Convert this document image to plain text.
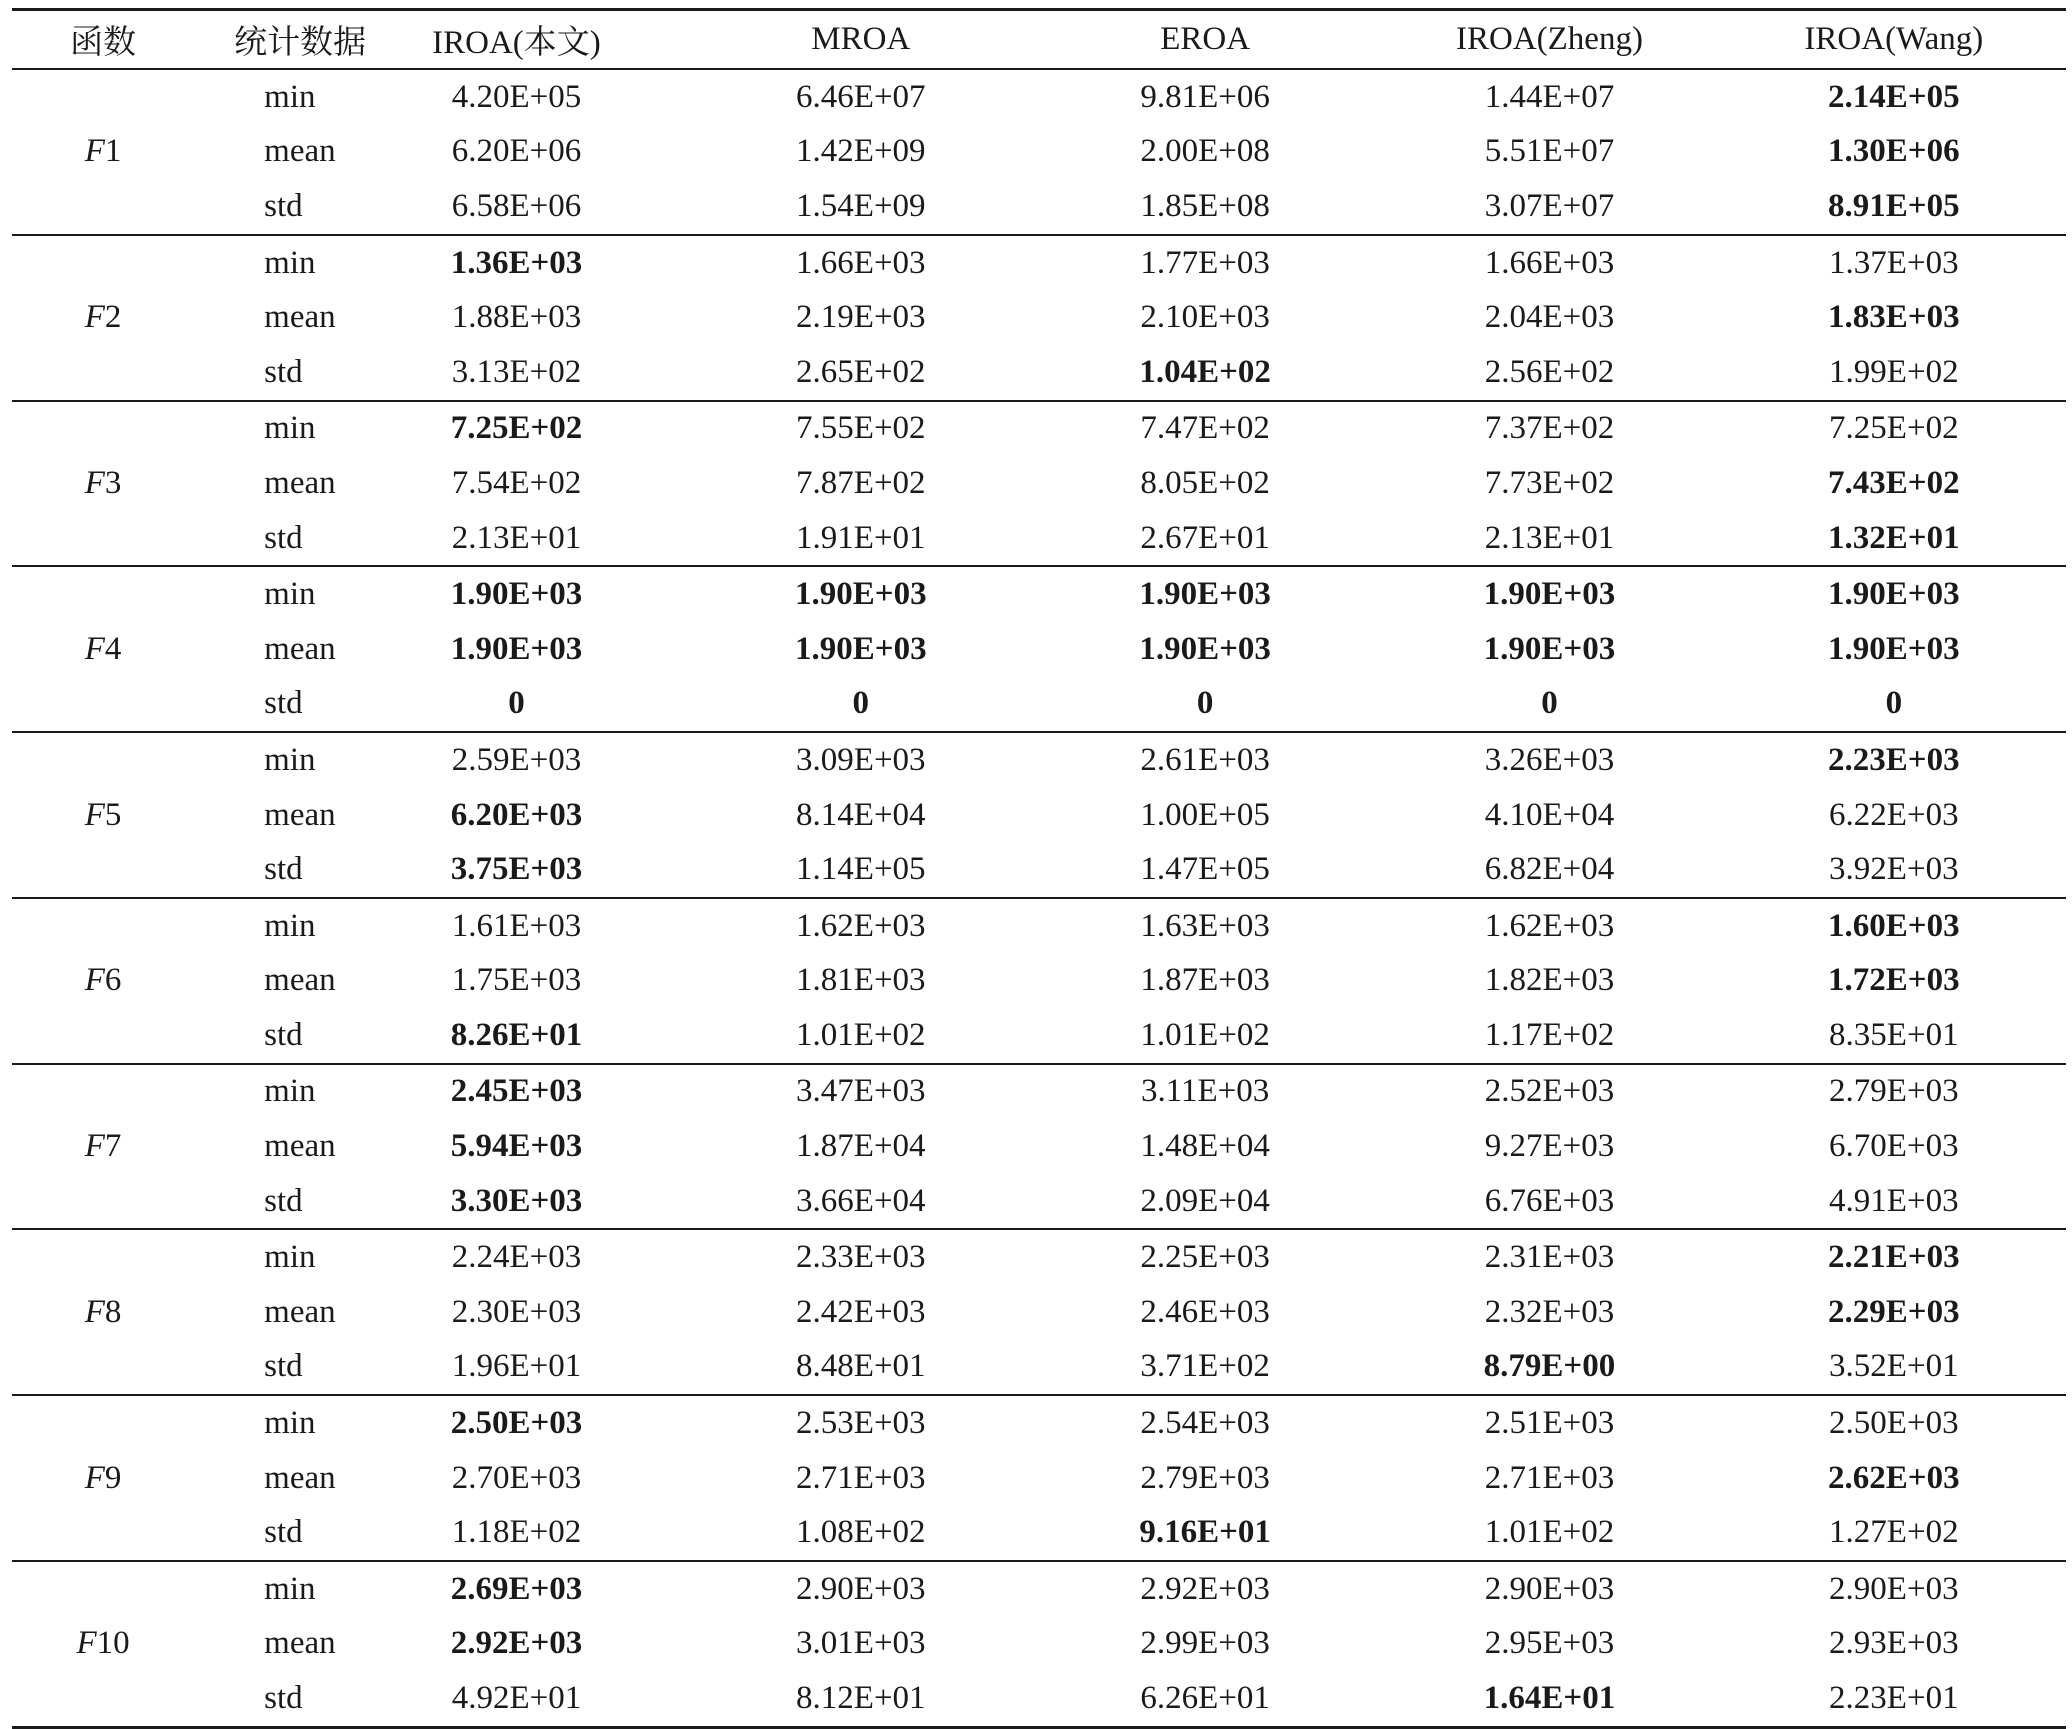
函数	统计数据	IROA(本文)	MROA	EROA	IROA(Zheng)	IROA(Wang)
F1	min	4.20E+05	6.46E+07	9.81E+06	1.44E+07	2.14E+05
	mean	6.20E+06	1.42E+09	2.00E+08	5.51E+07	1.30E+06
	std	6.58E+06	1.54E+09	1.85E+08	3.07E+07	8.91E+05
F2	min	1.36E+03	1.66E+03	1.77E+03	1.66E+03	1.37E+03
	mean	1.88E+03	2.19E+03	2.10E+03	2.04E+03	1.83E+03
	std	3.13E+02	2.65E+02	1.04E+02	2.56E+02	1.99E+02
F3	min	7.25E+02	7.55E+02	7.47E+02	7.37E+02	7.25E+02
	mean	7.54E+02	7.87E+02	8.05E+02	7.73E+02	7.43E+02
	std	2.13E+01	1.91E+01	2.67E+01	2.13E+01	1.32E+01
F4	min	1.90E+03	1.90E+03	1.90E+03	1.90E+03	1.90E+03
	mean	1.90E+03	1.90E+03	1.90E+03	1.90E+03	1.90E+03
	std	0	0	0	0	0
F5	min	2.59E+03	3.09E+03	2.61E+03	3.26E+03	2.23E+03
	mean	6.20E+03	8.14E+04	1.00E+05	4.10E+04	6.22E+03
	std	3.75E+03	1.14E+05	1.47E+05	6.82E+04	3.92E+03
F6	min	1.61E+03	1.62E+03	1.63E+03	1.62E+03	1.60E+03
	mean	1.75E+03	1.81E+03	1.87E+03	1.82E+03	1.72E+03
	std	8.26E+01	1.01E+02	1.01E+02	1.17E+02	8.35E+01
F7	min	2.45E+03	3.47E+03	3.11E+03	2.52E+03	2.79E+03
	mean	5.94E+03	1.87E+04	1.48E+04	9.27E+03	6.70E+03
	std	3.30E+03	3.66E+04	2.09E+04	6.76E+03	4.91E+03
F8	min	2.24E+03	2.33E+03	2.25E+03	2.31E+03	2.21E+03
	mean	2.30E+03	2.42E+03	2.46E+03	2.32E+03	2.29E+03
	std	1.96E+01	8.48E+01	3.71E+02	8.79E+00	3.52E+01
F9	min	2.50E+03	2.53E+03	2.54E+03	2.51E+03	2.50E+03
	mean	2.70E+03	2.71E+03	2.79E+03	2.71E+03	2.62E+03
	std	1.18E+02	1.08E+02	9.16E+01	1.01E+02	1.27E+02
F10	min	2.69E+03	2.90E+03	2.92E+03	2.90E+03	2.90E+03
	mean	2.92E+03	3.01E+03	2.99E+03	2.95E+03	2.93E+03
	std	4.92E+01	8.12E+01	6.26E+01	1.64E+01	2.23E+01
